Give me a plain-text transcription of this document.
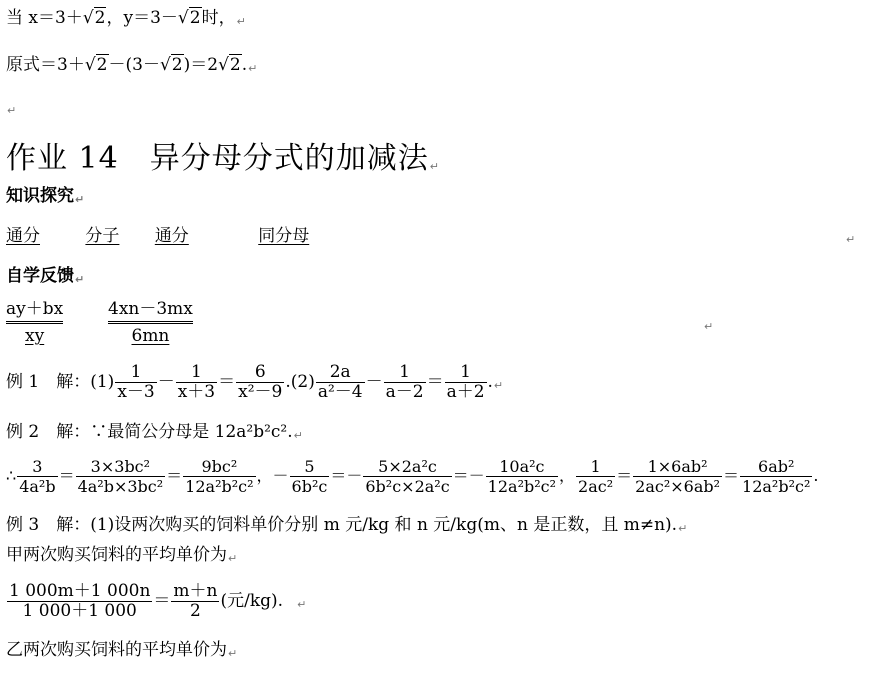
当 x＝3＋√2，y＝3－√2时，↵
原式＝3＋√2－(3－√2)＝2√2.↵
↵
作业 14　异分母分式的加减法↵
知识探究↵
通分	分子 通分	同分母	↵
自学反馈↵
$\frac{ay+bx}{xy}$	$\frac{4xn-3mx}{6mn}$	↵
例 1　解：$(1) \frac{1}{x-3} - \frac{1}{x+3} = \frac{6}{\text{x²－9}} .(2) \frac{2a}{\text{a²－4}} - \frac{1}{a-2} = \frac{1}{a+2}$ .↵
例 2　解：∵最简公分母是 12a²b²c².↵
∴ $\frac{3}{\text{4a²b}} = \frac{\text{3×3bc²}}{\text{4a²b×3bc²}} = \frac{\text{9bc²}}{\text{12a²b²c²}}$ ，－ $\frac{5}{\text{6b²c}} =- \frac{\text{5×2a²c}}{\text{6b²c×2a²c}} =- \frac{\text{10a²c}}{\text{12a²b²c²}}$ ， $\frac{1}{\text{2ac²}} = \frac{\text{1×6ab²}}{\text{2ac²×6ab²}} = \frac{\text{6ab²}}{\text{12a²b²c²}}$ .
例 3　解：(1)设两次购买的饲料单价分别 m 元/kg 和 n 元/kg(m、n 是正数，且 m≠n).↵
甲两次购买饲料的平均单价为↵
$\frac{1 000m+1 000n}{1 000+1 000} = \frac{m+n}{2}$ (元/kg). ↵
乙两次购买饲料的平均单价为↵
